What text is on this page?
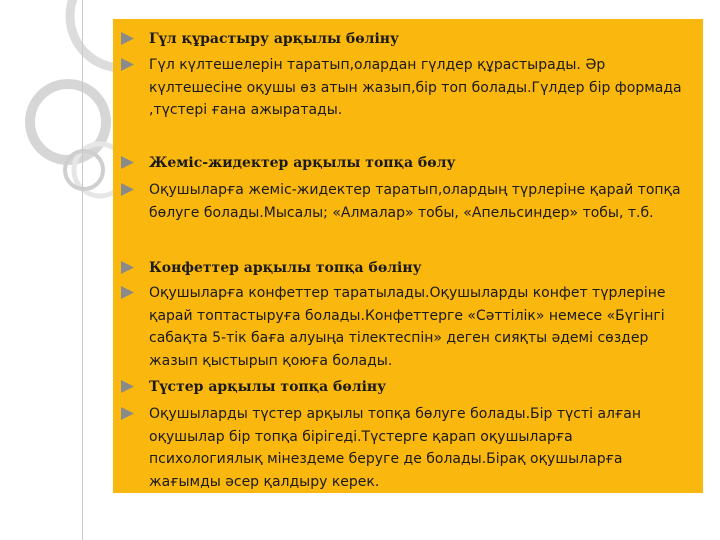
Гүл құрастыру арқылы бөліну
Гүл күлтешелерін таратып,олардан гүлдер құрастырады. Әр
күлтешесіне оқушы өз атын жазып,бір топ болады.Гүлдер бір формада
,түстері ғана ажыратады.
Жеміс-жидектер арқылы топқа бөлу
Оқушыларға жеміс-жидектер таратып,олардың түрлеріне қарай топқа
бөлуге болады.Мысалы; «Алмалар» тобы, «Апельсиндер» тобы, т.б.
Конфеттер арқылы топқа бөліну
Оқушыларға конфеттер таратылады.Оқушыларды конфет түрлеріне
қарай топтастыруға болады.Конфеттерге «Сәттілік» немесе «Бүгінгі
сабақта 5-тік баға алуыңа тілектеспін» деген сияқты әдемі сөздер
жазып қыстырып қоюға болады.
Түстер арқылы топқа бөліну
Оқушыларды түстер арқылы топқа бөлуге болады.Бір түсті алған
оқушылар бір топқа бірігеді.Түстерге қарап оқушыларға
психологиялық мінездеме беруге де болады.Бірақ оқушыларға
жағымды әсер қалдыру керек.
